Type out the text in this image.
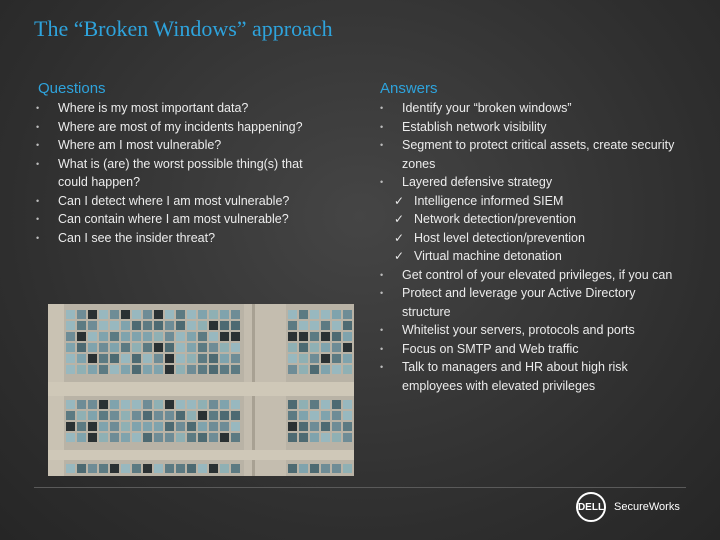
The “Broken Windows” approach
Questions
• Where is my most important data?
• Where are most of my incidents happening?
• Where am I most vulnerable?
• What is (are) the worst possible thing(s) that could happen?
• Can I detect where I am most vulnerable?
• Can contain where I am most vulnerable?
• Can I see the insider threat?
Answers
• Identify your “broken windows”
• Establish network visibility
• Segment to protect critical assets, create security zones
• Layered defensive strategy
✓ Intelligence informed SIEM
✓ Network detection/prevention
✓ Host level detection/prevention
✓ Virtual machine detonation
• Get control of your elevated privileges, if you can
• Protect and leverage your Active Directory structure
• Whitelist your servers, protocols and ports
• Focus on SMTP and Web traffic
• Talk to managers and HR about high risk employees with elevated privileges
DELL SecureWorks
